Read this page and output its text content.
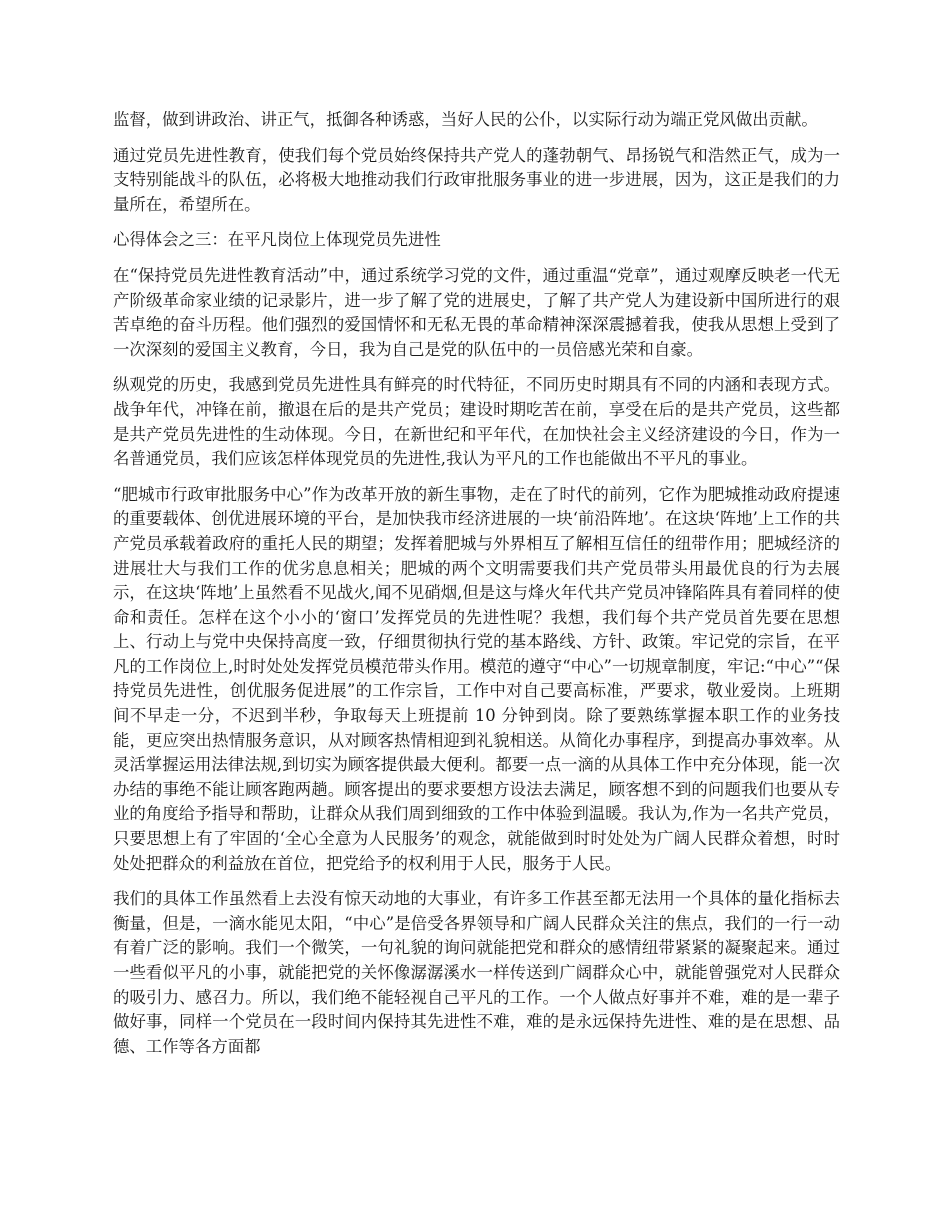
监督，做到讲政治、讲正气，抵御各种诱惑，当好人民的公仆，以实际行动为端正党风做出贡献。

通过党员先进性教育，使我们每个党员始终保持共产党人的蓬勃朝气、昂扬锐气和浩然正气，成为一支特别能战斗的队伍，必将极大地推动我们行政审批服务事业的进一步进展，因为，这正是我们的力量所在，希望所在。

心得体会之三：在平凡岗位上体现党员先进性

在“保持党员先进性教育活动”中，通过系统学习党的文件，通过重温“党章”，通过观摩反映老一代无产阶级革命家业绩的记录影片，进一步了解了党的进展史，了解了共产党人为建设新中国所进行的艰苦卓绝的奋斗历程。他们强烈的爱国情怀和无私无畏的革命精神深深震撼着我，使我从思想上受到了一次深刻的爱国主义教育，今日，我为自己是党的队伍中的一员倍感光荣和自豪。

纵观党的历史，我感到党员先进性具有鲜亮的时代特征，不同历史时期具有不同的内涵和表现方式。战争年代，冲锋在前，撤退在后的是共产党员；建设时期吃苦在前，享受在后的是共产党员，这些都是共产党员先进性的生动体现。今日，在新世纪和平年代，在加快社会主义经济建设的今日，作为一名普通党员，我们应该怎样体现党员的先进性,我认为平凡的工作也能做出不平凡的事业。

“肥城市行政审批服务中心”作为改革开放的新生事物，走在了时代的前列，它作为肥城推动政府提速的重要载体、创优进展环境的平台，是加快我市经济进展的一块‘前沿阵地’。在这块‘阵地’上工作的共产党员承载着政府的重托人民的期望；发挥着肥城与外界相互了解相互信任的纽带作用；肥城经济的进展壮大与我们工作的优劣息息相关；肥城的两个文明需要我们共产党员带头用最优良的行为去展示，在这块‘阵地’上虽然看不见战火,闻不见硝烟,但是这与烽火年代共产党员冲锋陷阵具有着同样的使命和责任。怎样在这个小小的‘窗口’发挥党员的先进性呢？我想，我们每个共产党员首先要在思想上、行动上与党中央保持高度一致，仔细贯彻执行党的基本路线、方针、政策。牢记党的宗旨，在平凡的工作岗位上,时时处处发挥党员模范带头作用。模范的遵守“中心”一切规章制度，牢记:“中心”“保持党员先进性，创优服务促进展”的工作宗旨，工作中对自己要高标准，严要求，敬业爱岗。上班期间不早走一分，不迟到半秒，争取每天上班提前 10 分钟到岗。除了要熟练掌握本职工作的业务技能，更应突出热情服务意识，从对顾客热情相迎到礼貌相送。从简化办事程序，到提高办事效率。从灵活掌握运用法律法规,到切实为顾客提供最大便利。都要一点一滴的从具体工作中充分体现，能一次办结的事绝不能让顾客跑两趟。顾客提出的要求要想方设法去满足，顾客想不到的问题我们也要从专业的角度给予指导和帮助，让群众从我们周到细致的工作中体验到温暖。我认为,作为一名共产党员，只要思想上有了牢固的‘全心全意为人民服务’的观念，就能做到时时处处为广阔人民群众着想，时时处处把群众的利益放在首位，把党给予的权利用于人民，服务于人民。

我们的具体工作虽然看上去没有惊天动地的大事业，有许多工作甚至都无法用一个具体的量化指标去衡量，但是，一滴水能见太阳，“中心”是倍受各界领导和广阔人民群众关注的焦点，我们的一行一动有着广泛的影响。我们一个微笑，一句礼貌的询问就能把党和群众的感情纽带紧紧的凝聚起来。通过一些看似平凡的小事，就能把党的关怀像潺潺溪水一样传送到广阔群众心中，就能曾强党对人民群众的吸引力、感召力。所以，我们绝不能轻视自己平凡的工作。一个人做点好事并不难，难的是一辈子做好事，同样一个党员在一段时间内保持其先进性不难，难的是永远保持先进性、难的是在思想、品德、工作等各方面都
